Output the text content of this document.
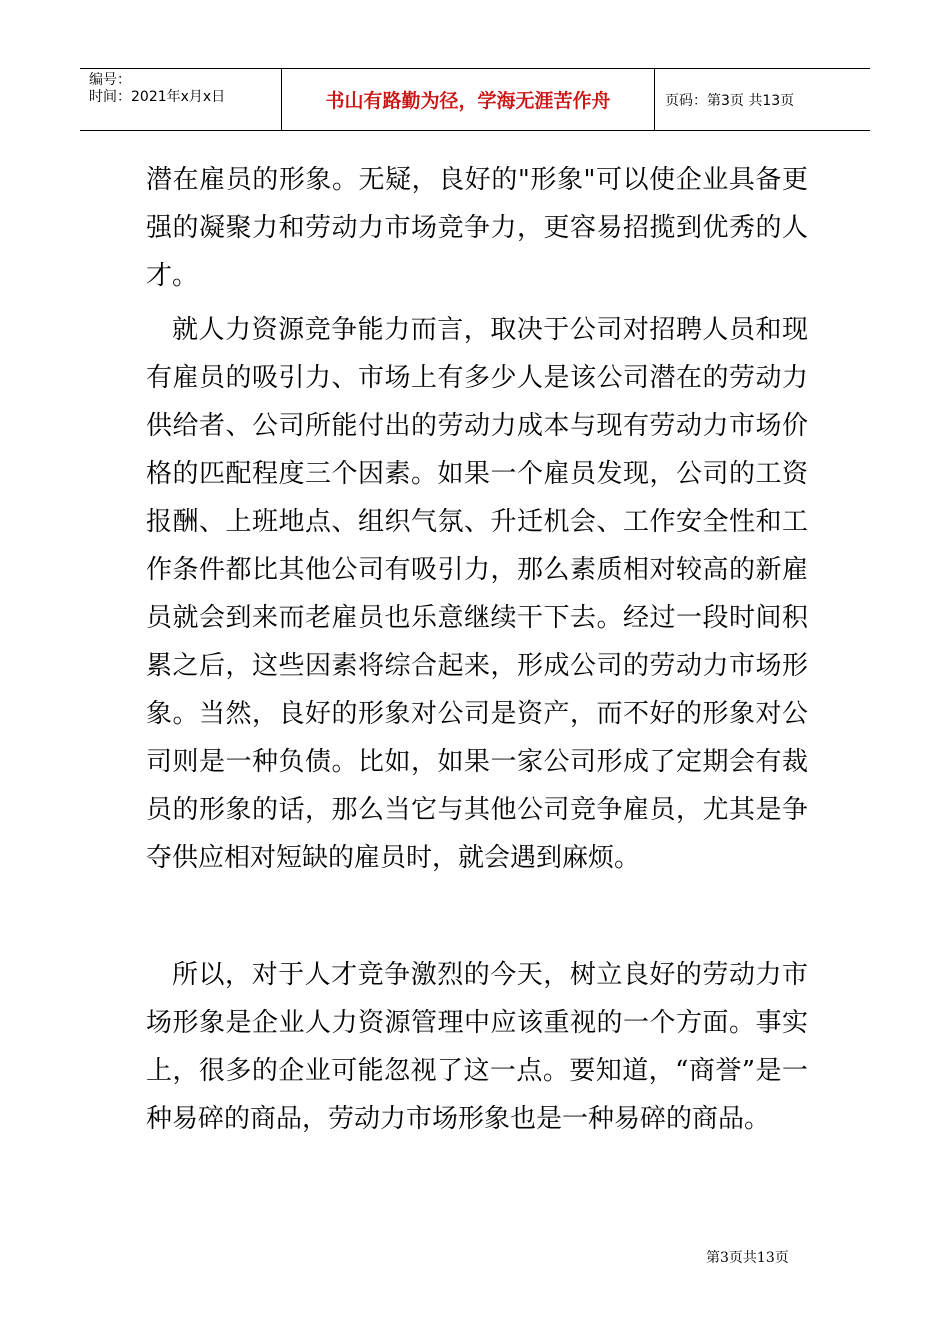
编号：
时间：2021年x月x日	书山有路勤为径，学海无涯苦作舟	页码：第3页 共13页

潜在雇员的形象。无疑，良好的"形象"可以使企业具备更强的凝聚力和劳动力市场竞争力，更容易招揽到优秀的人才。

就人力资源竞争能力而言，取决于公司对招聘人员和现有雇员的吸引力、市场上有多少人是该公司潜在的劳动力供给者、公司所能付出的劳动力成本与现有劳动力市场价格的匹配程度三个因素。如果一个雇员发现，公司的工资报酬、上班地点、组织气氛、升迁机会、工作安全性和工作条件都比其他公司有吸引力，那么素质相对较高的新雇员就会到来而老雇员也乐意继续干下去。经过一段时间积累之后，这些因素将综合起来，形成公司的劳动力市场形象。当然，良好的形象对公司是资产，而不好的形象对公司则是一种负债。比如，如果一家公司形成了定期会有裁员的形象的话，那么当它与其他公司竞争雇员，尤其是争夺供应相对短缺的雇员时，就会遇到麻烦。

所以，对于人才竞争激烈的今天，树立良好的劳动力市场形象是企业人力资源管理中应该重视的一个方面。事实上，很多的企业可能忽视了这一点。要知道，“商誉”是一种易碎的商品，劳动力市场形象也是一种易碎的商品。

第3页共13页
